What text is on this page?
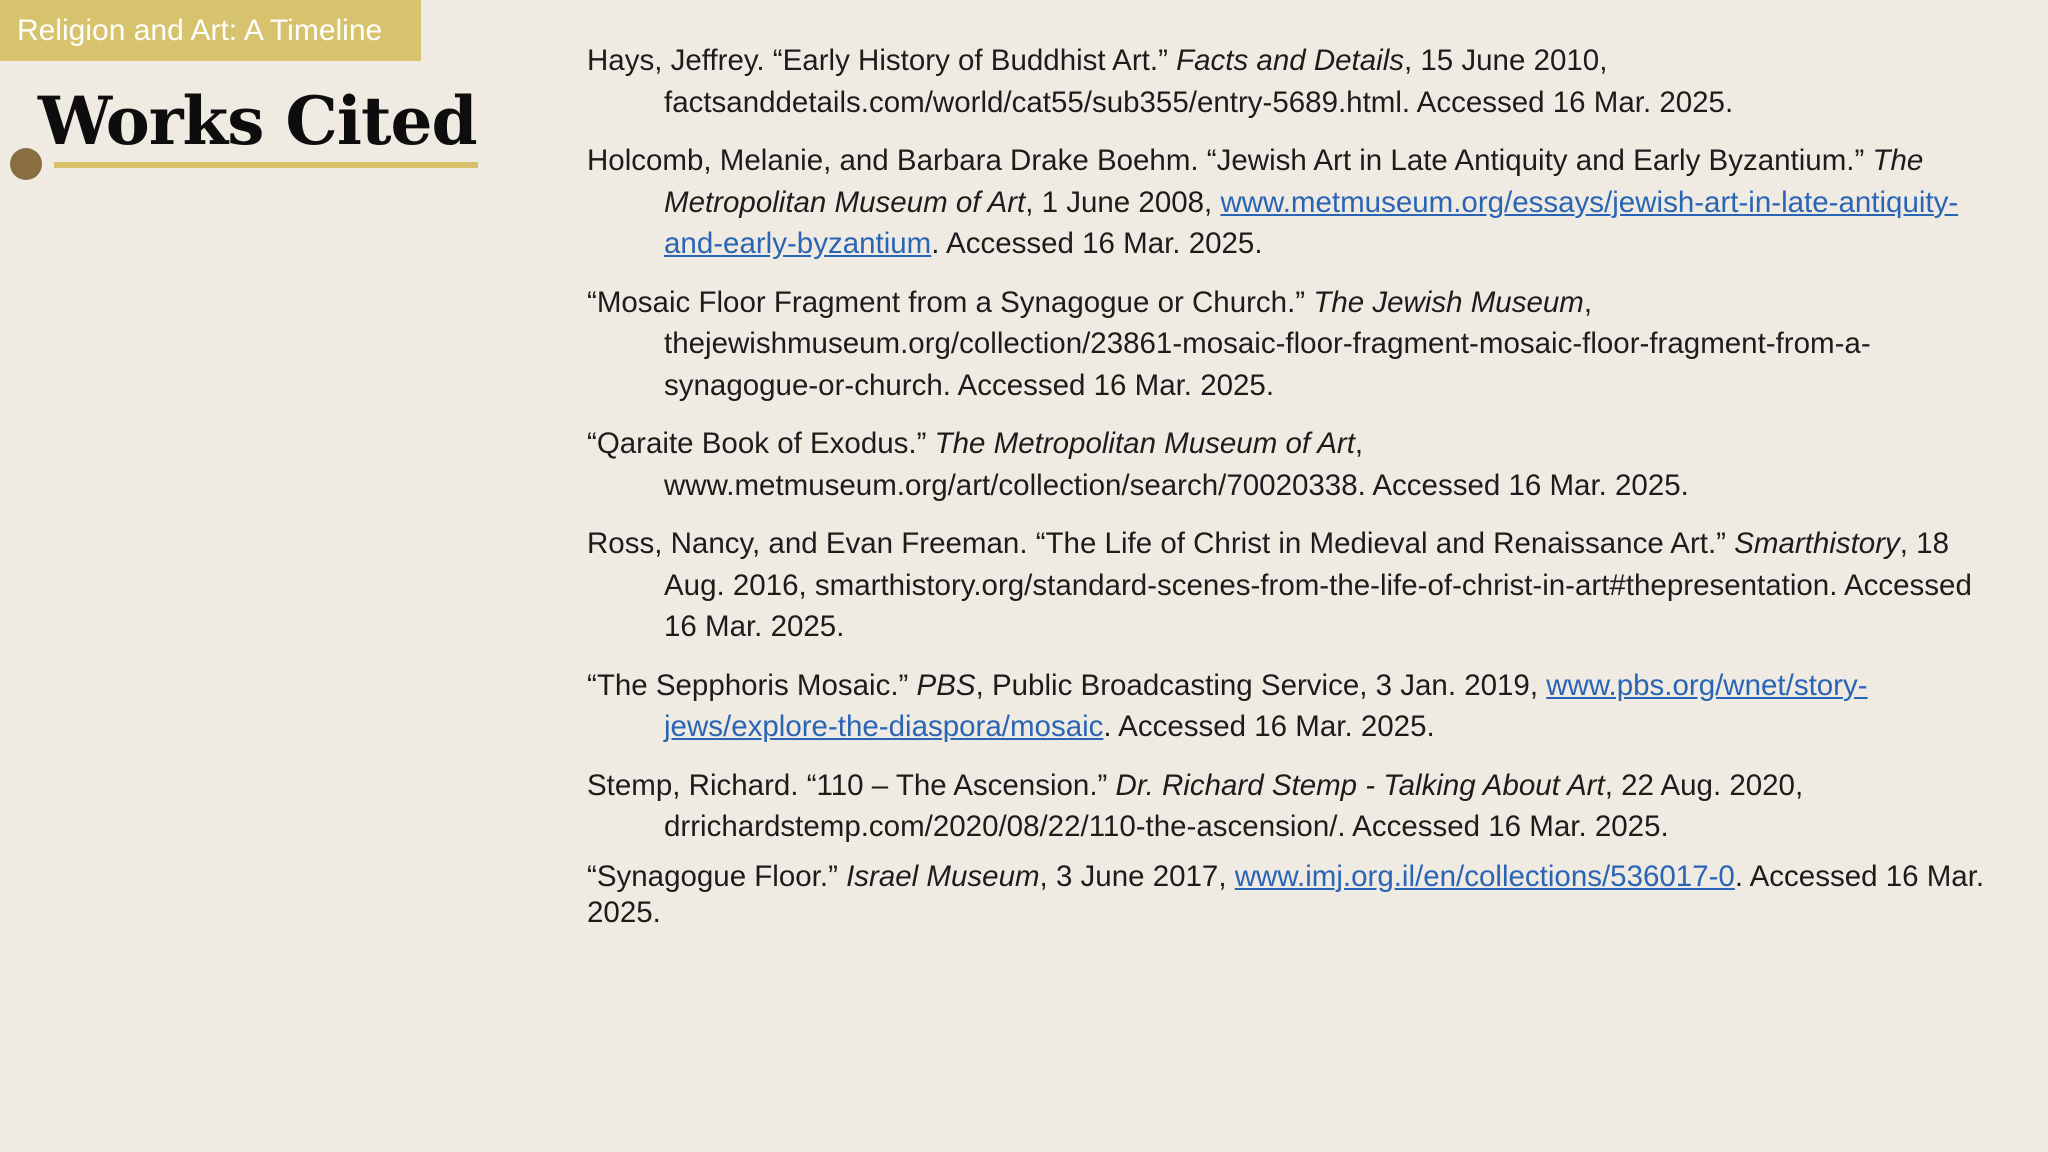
Religion and Art: A Timeline
Works Cited

Hays, Jeffrey. “Early History of Buddhist Art.” Facts and Details, 15 June 2010, factsanddetails.com/world/cat55/sub355/entry-5689.html. Accessed 16 Mar. 2025.

Holcomb, Melanie, and Barbara Drake Boehm. “Jewish Art in Late Antiquity and Early Byzantium.” The Metropolitan Museum of Art, 1 June 2008, www.metmuseum.org/essays/jewish-art-in-late-antiquity-and-early-byzantium. Accessed 16 Mar. 2025.

“Mosaic Floor Fragment from a Synagogue or Church.” The Jewish Museum, thejewishmuseum.org/collection/23861-mosaic-floor-fragment-mosaic-floor-fragment-from-a-synagogue-or-church. Accessed 16 Mar. 2025.

“Qaraite Book of Exodus.” The Metropolitan Museum of Art, www.metmuseum.org/art/collection/search/70020338. Accessed 16 Mar. 2025.

Ross, Nancy, and Evan Freeman. “The Life of Christ in Medieval and Renaissance Art.” Smarthistory, 18 Aug. 2016, smarthistory.org/standard-scenes-from-the-life-of-christ-in-art#thepresentation. Accessed 16 Mar. 2025.

“The Sepphoris Mosaic.” PBS, Public Broadcasting Service, 3 Jan. 2019, www.pbs.org/wnet/story-jews/explore-the-diaspora/mosaic. Accessed 16 Mar. 2025.

Stemp, Richard. “110 – The Ascension.” Dr. Richard Stemp - Talking About Art, 22 Aug. 2020, drrichardstemp.com/2020/08/22/110-the-ascension/. Accessed 16 Mar. 2025.

“Synagogue Floor.” Israel Museum, 3 June 2017, www.imj.org.il/en/collections/536017-0. Accessed 16 Mar. 2025.
